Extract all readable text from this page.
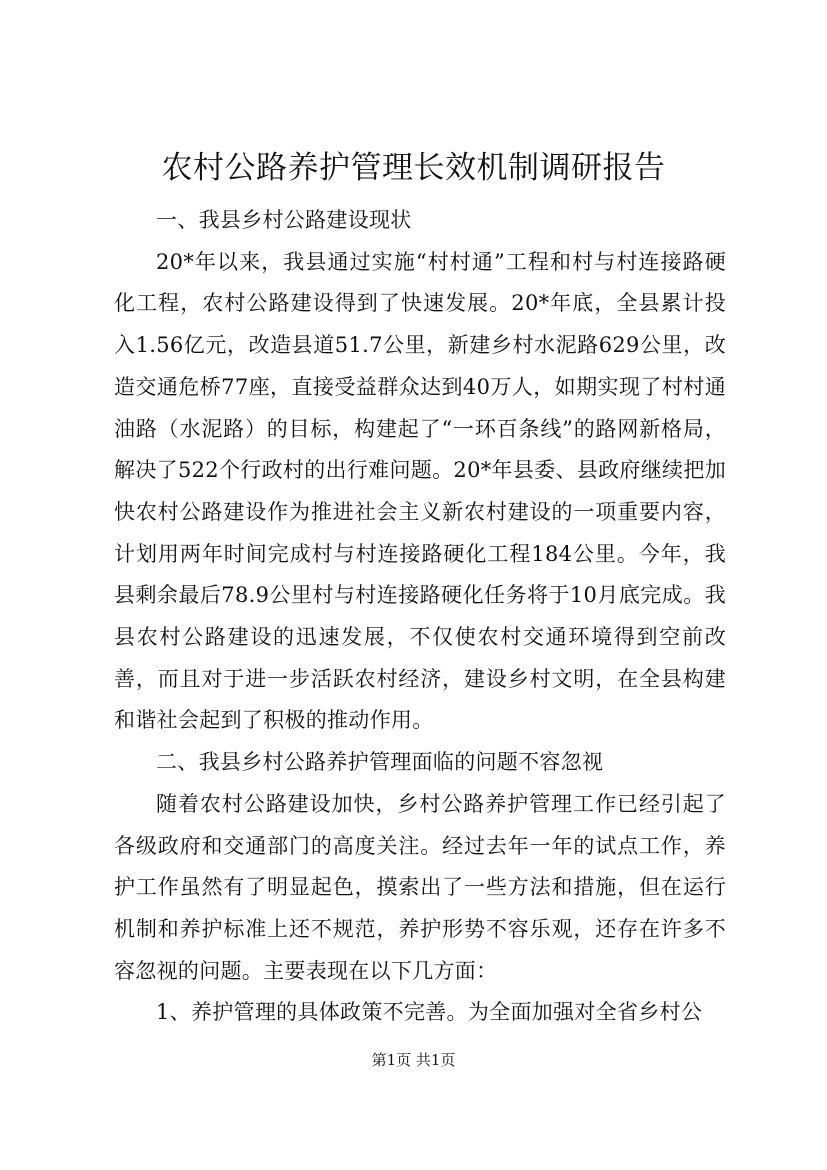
农村公路养护管理长效机制调研报告

一、我县乡村公路建设现状

20*年以来，我县通过实施“村村通”工程和村与村连接路硬化工程，农村公路建设得到了快速发展。20*年底，全县累计投入1.56亿元，改造县道51.7公里，新建乡村水泥路629公里，改造交通危桥77座，直接受益群众达到40万人，如期实现了村村通油路（水泥路）的目标，构建起了“一环百条线”的路网新格局，解决了522个行政村的出行难问题。20*年县委、县政府继续把加快农村公路建设作为推进社会主义新农村建设的一项重要内容，计划用两年时间完成村与村连接路硬化工程184公里。今年，我县剩余最后78.9公里村与村连接路硬化任务将于10月底完成。我县农村公路建设的迅速发展，不仅使农村交通环境得到空前改善，而且对于进一步活跃农村经济，建设乡村文明，在全县构建和谐社会起到了积极的推动作用。

二、我县乡村公路养护管理面临的问题不容忽视

随着农村公路建设加快，乡村公路养护管理工作已经引起了各级政府和交通部门的高度关注。经过去年一年的试点工作，养护工作虽然有了明显起色，摸索出了一些方法和措施，但在运行机制和养护标准上还不规范，养护形势不容乐观，还存在许多不容忽视的问题。主要表现在以下几方面：

1、养护管理的具体政策不完善。为全面加强对全省乡村公

第1页 共1页
